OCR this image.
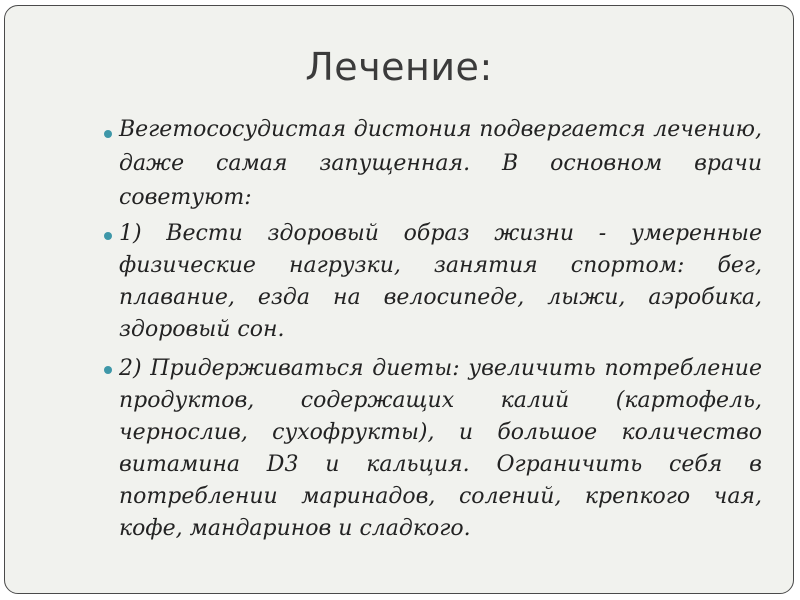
Лечение:
Вегетососудистая дистония подвергается лечению, даже самая запущенная. В основном врачи советуют:
1) Вести здоровый образ жизни - умеренные физические нагрузки, занятия спортом: бег, плавание, езда на велосипеде, лыжи, аэробика, здоровый сон.
2) Придерживаться диеты: увеличить потребление продуктов, содержащих калий (картофель, чернослив, сухофрукты), и большое количество витамина D3 и кальция. Ограничить себя в потреблении маринадов, солений, крепкого чая, кофе, мандаринов и сладкого.
